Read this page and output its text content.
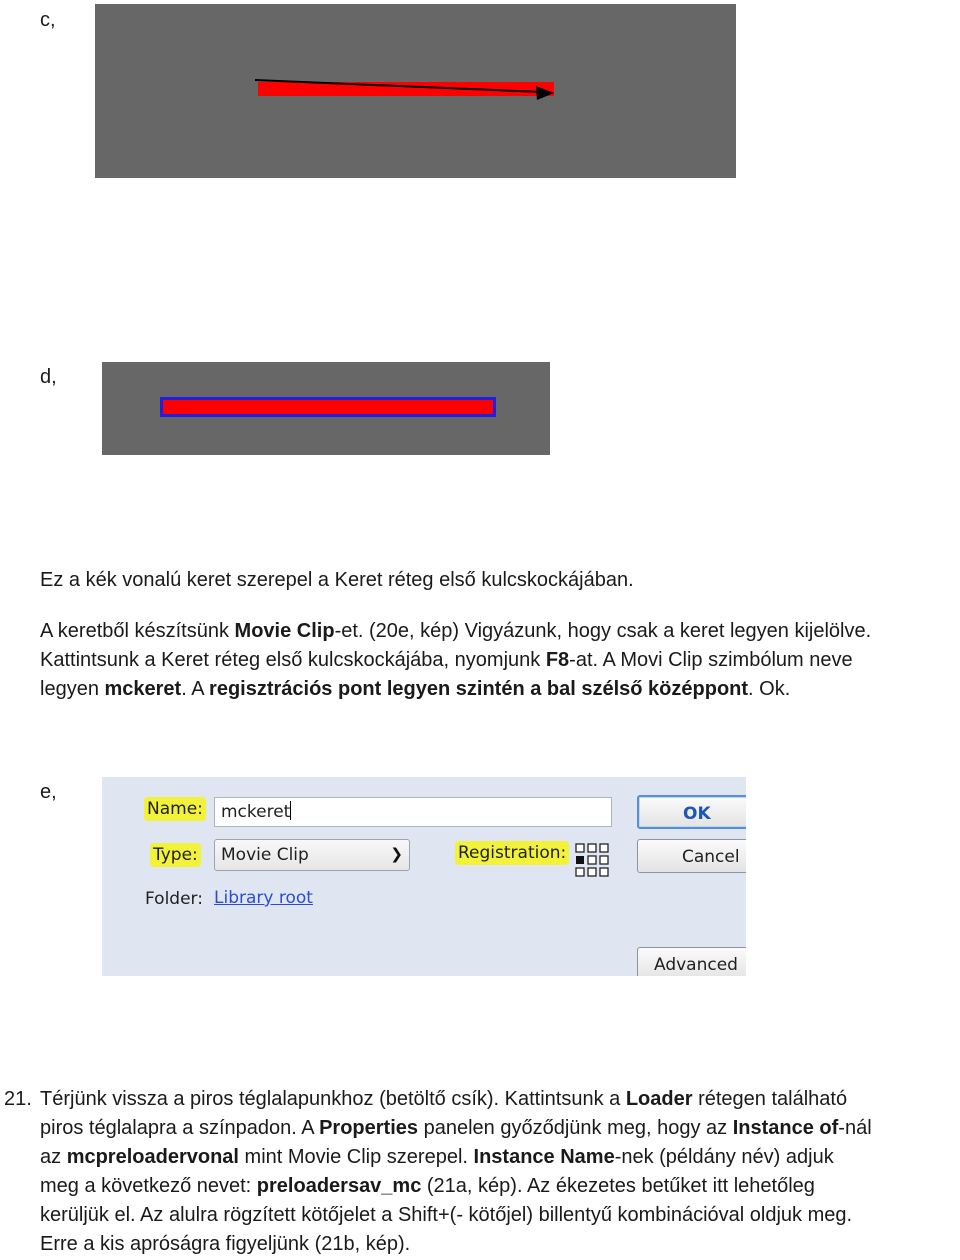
c,
d,
Ez a kék vonalú keret szerepel a Keret réteg első kulcskockájában.
A keretből készítsünk Movie Clip-et. (20e, kép) Vigyázunk, hogy csak a keret legyen kijelölve.
Kattintsunk a Keret réteg első kulcskockájába, nyomjunk F8-at. A Movi Clip szimbólum neve
legyen mckeret. A regisztrációs pont legyen szintén a bal szélső középpont. Ok.
e,
Name:	mckeret
Type:	Movie Clip	❯	Registration:
Folder: Library root
OK
Cancel
Advanced
21. Térjünk vissza a piros téglalapunkhoz (betöltő csík). Kattintsunk a Loader rétegen található
piros téglalapra a színpadon. A Properties panelen győződjünk meg, hogy az Instance of-nál
az mcpreloadervonal mint Movie Clip szerepel. Instance Name-nek (példány név) adjuk
meg a következő nevet: preloadersav_mc (21a, kép). Az ékezetes betűket itt lehetőleg
kerüljük el. Az alulra rögzített kötőjelet a Shift+(- kötőjel) billentyű kombinációval oldjuk meg.
Erre a kis apróságra figyeljünk (21b, kép).
